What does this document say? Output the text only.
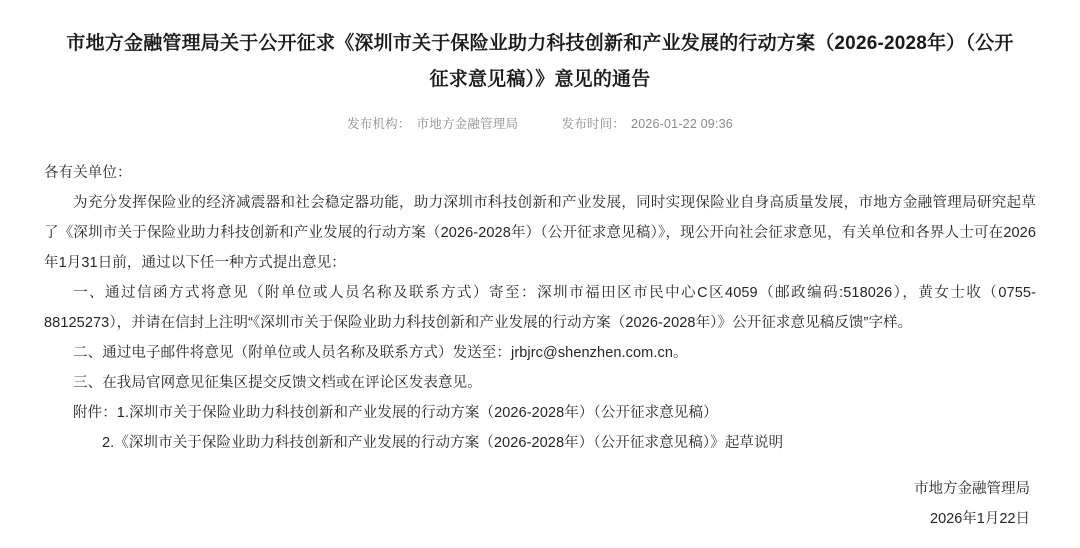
市地方金融管理局关于公开征求《深圳市关于保险业助力科技创新和产业发展的行动方案（2026-2028年）（公开征求意见稿）》意见的通告
发布机构： 市地方金融管理局	发布时间： 2026-01-22 09:36

各有关单位：

为充分发挥保险业的经济减震器和社会稳定器功能，助力深圳市科技创新和产业发展，同时实现保险业自身高质量发展，市地方金融管理局研究起草了《深圳市关于保险业助力科技创新和产业发展的行动方案（2026-2028年）（公开征求意见稿）》，现公开向社会征求意见，有关单位和各界人士可在2026年1月31日前，通过以下任一种方式提出意见：

一、通过信函方式将意见（附单位或人员名称及联系方式）寄至：深圳市福田区市民中心C区4059（邮政编码:518026），黄女士收（0755-88125273），并请在信封上注明“《深圳市关于保险业助力科技创新和产业发展的行动方案（2026-2028年）》公开征求意见稿反馈”字样。

二、通过电子邮件将意见（附单位或人员名称及联系方式）发送至：jrbjrc@shenzhen.com.cn。

三、在我局官网意见征集区提交反馈文档或在评论区发表意见。

附件：1.深圳市关于保险业助力科技创新和产业发展的行动方案（2026-2028年）（公开征求意见稿）

2.《深圳市关于保险业助力科技创新和产业发展的行动方案（2026-2028年）（公开征求意见稿）》起草说明

市地方金融管理局
2026年1月22日
